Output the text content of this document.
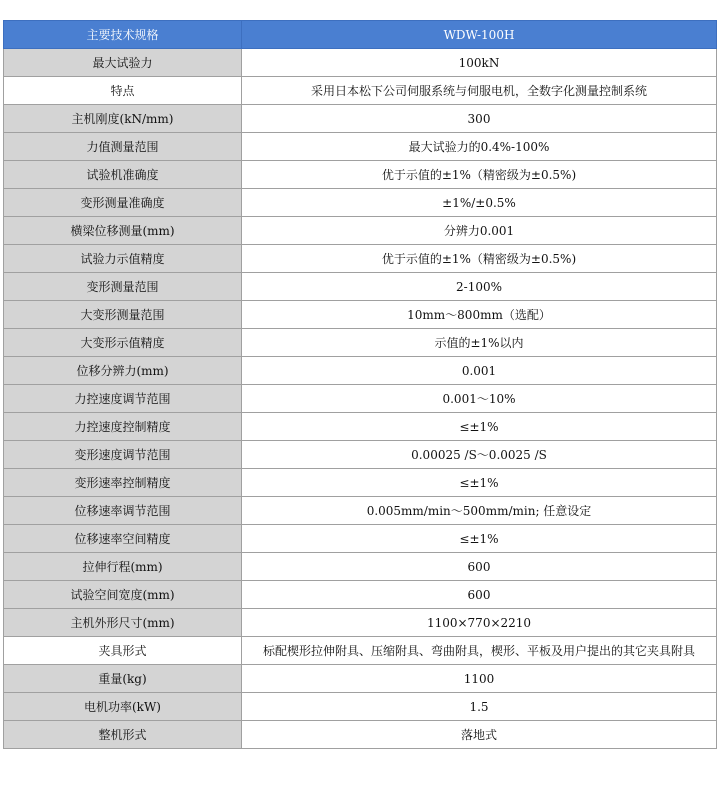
主要技术规格	WDW-100H
最大试验力	100kN
特点	采用日本松下公司伺服系统与伺服电机，全数字化测量控制系统
主机刚度(kN/mm)	300
力值测量范围	最大试验力的0.4%-100%
试验机准确度	优于示值的±1%（精密级为±0.5%)
变形测量准确度	±1%/±0.5%
横梁位移测量(mm)	分辨力0.001
试验力示值精度	优于示值的±1%（精密级为±0.5%)
变形测量范围	2-100%
大变形测量范围	10mm～800mm（选配）
大变形示值精度	示值的±1%以内
位移分辨力(mm)	0.001
力控速度调节范围	0.001～10%
力控速度控制精度	≤±1%
变形速度调节范围	0.00025 /S～0.0025 /S
变形速率控制精度	≤±1%
位移速率调节范围	0.005mm/min～500mm/min; 任意设定
位移速率空间精度	≤±1%
拉伸行程(mm)	600
试验空间宽度(mm)	600
主机外形尺寸(mm)	1100×770×2210
夹具形式	标配楔形拉伸附具、压缩附具、弯曲附具，楔形、平板及用户提出的其它夹具附具
重量(kg)	1100
电机功率(kW)	1.5
整机形式	落地式
